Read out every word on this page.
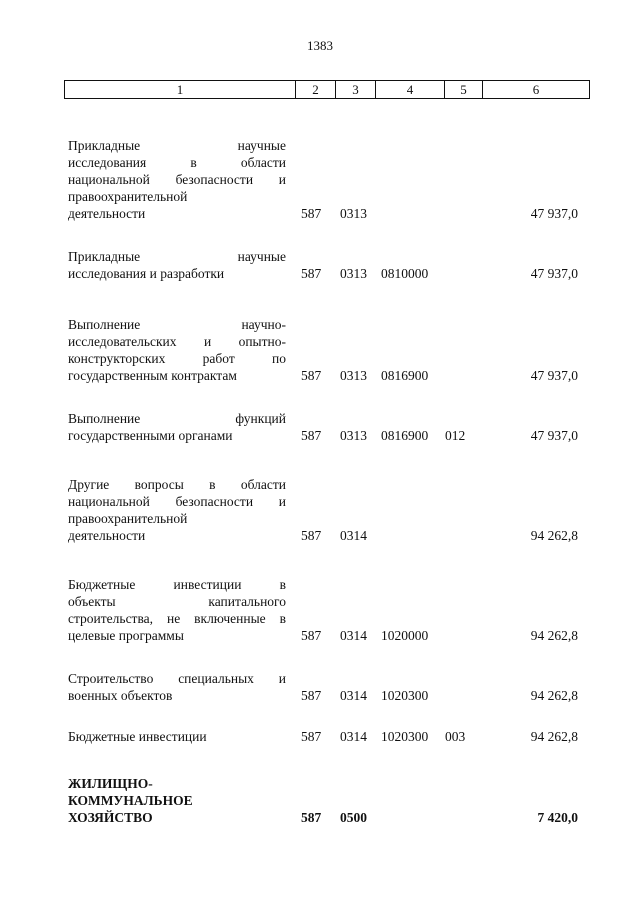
1383
1	2	3	4	5	6
Прикладные научные
исследования в области
национальной безопасности и
правоохранительной
деятельности	587 0313	47 937,0
Прикладные научные
исследования и разработки	587 0313 0810000	47 937,0
Выполнение научно-
исследовательских и опытно-
конструкторских работ по
государственным контрактам	587 0313 0816900	47 937,0
Выполнение функций
государственными органами	587 0313 0816900 012	47 937,0
Другие вопросы в области
национальной безопасности и
правоохранительной
деятельности	587 0314	94 262,8
Бюджетные инвестиции в
объекты капитального
строительства, не включенные в
целевые программы	587 0314 1020000	94 262,8
Строительство специальных и
военных объектов	587 0314 1020300	94 262,8
Бюджетные инвестиции	587 0314 1020300 003	94 262,8
ЖИЛИЩНО-
КОММУНАЛЬНОЕ
ХОЗЯЙСТВО	587 0500	7 420,0
